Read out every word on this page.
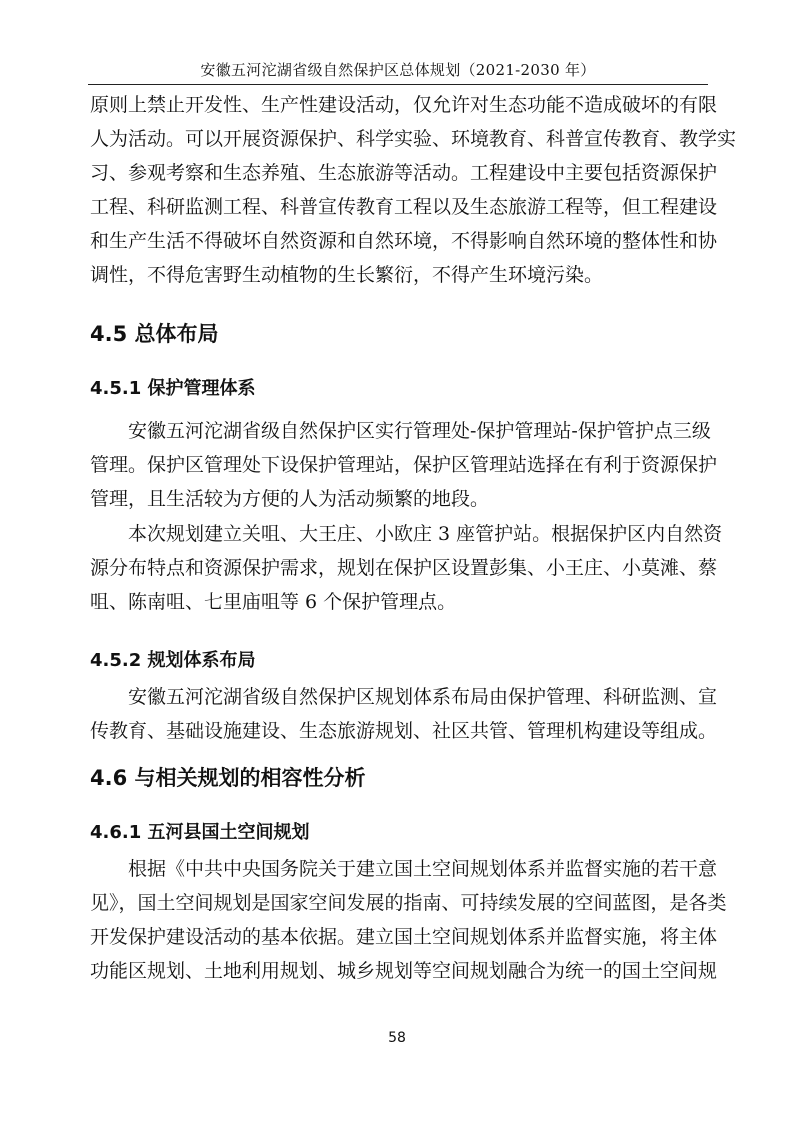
安徽五河沱湖省级自然保护区总体规划（2021-2030 年）
原则上禁止开发性、生产性建设活动，仅允许对生态功能不造成破坏的有限
人为活动。可以开展资源保护、科学实验、环境教育、科普宣传教育、教学实
习、参观考察和生态养殖、生态旅游等活动。工程建设中主要包括资源保护
工程、科研监测工程、科普宣传教育工程以及生态旅游工程等，但工程建设
和生产生活不得破坏自然资源和自然环境，不得影响自然环境的整体性和协
调性，不得危害野生动植物的生长繁衍，不得产生环境污染。
4.5 总体布局
4.5.1 保护管理体系
安徽五河沱湖省级自然保护区实行管理处-保护管理站-保护管护点三级
管理。保护区管理处下设保护管理站，保护区管理站选择在有利于资源保护
管理，且生活较为方便的人为活动频繁的地段。
本次规划建立关咀、大王庄、小欧庄 3 座管护站。根据保护区内自然资
源分布特点和资源保护需求，规划在保护区设置彭集、小王庄、小莫滩、蔡
咀、陈南咀、七里庙咀等 6 个保护管理点。
4.5.2 规划体系布局
安徽五河沱湖省级自然保护区规划体系布局由保护管理、科研监测、宣
传教育、基础设施建设、生态旅游规划、社区共管、管理机构建设等组成。
4.6 与相关规划的相容性分析
4.6.1 五河县国土空间规划
根据《中共中央国务院关于建立国土空间规划体系并监督实施的若干意
见》，国土空间规划是国家空间发展的指南、可持续发展的空间蓝图，是各类
开发保护建设活动的基本依据。建立国土空间规划体系并监督实施，将主体
功能区规划、土地利用规划、城乡规划等空间规划融合为统一的国土空间规
58
